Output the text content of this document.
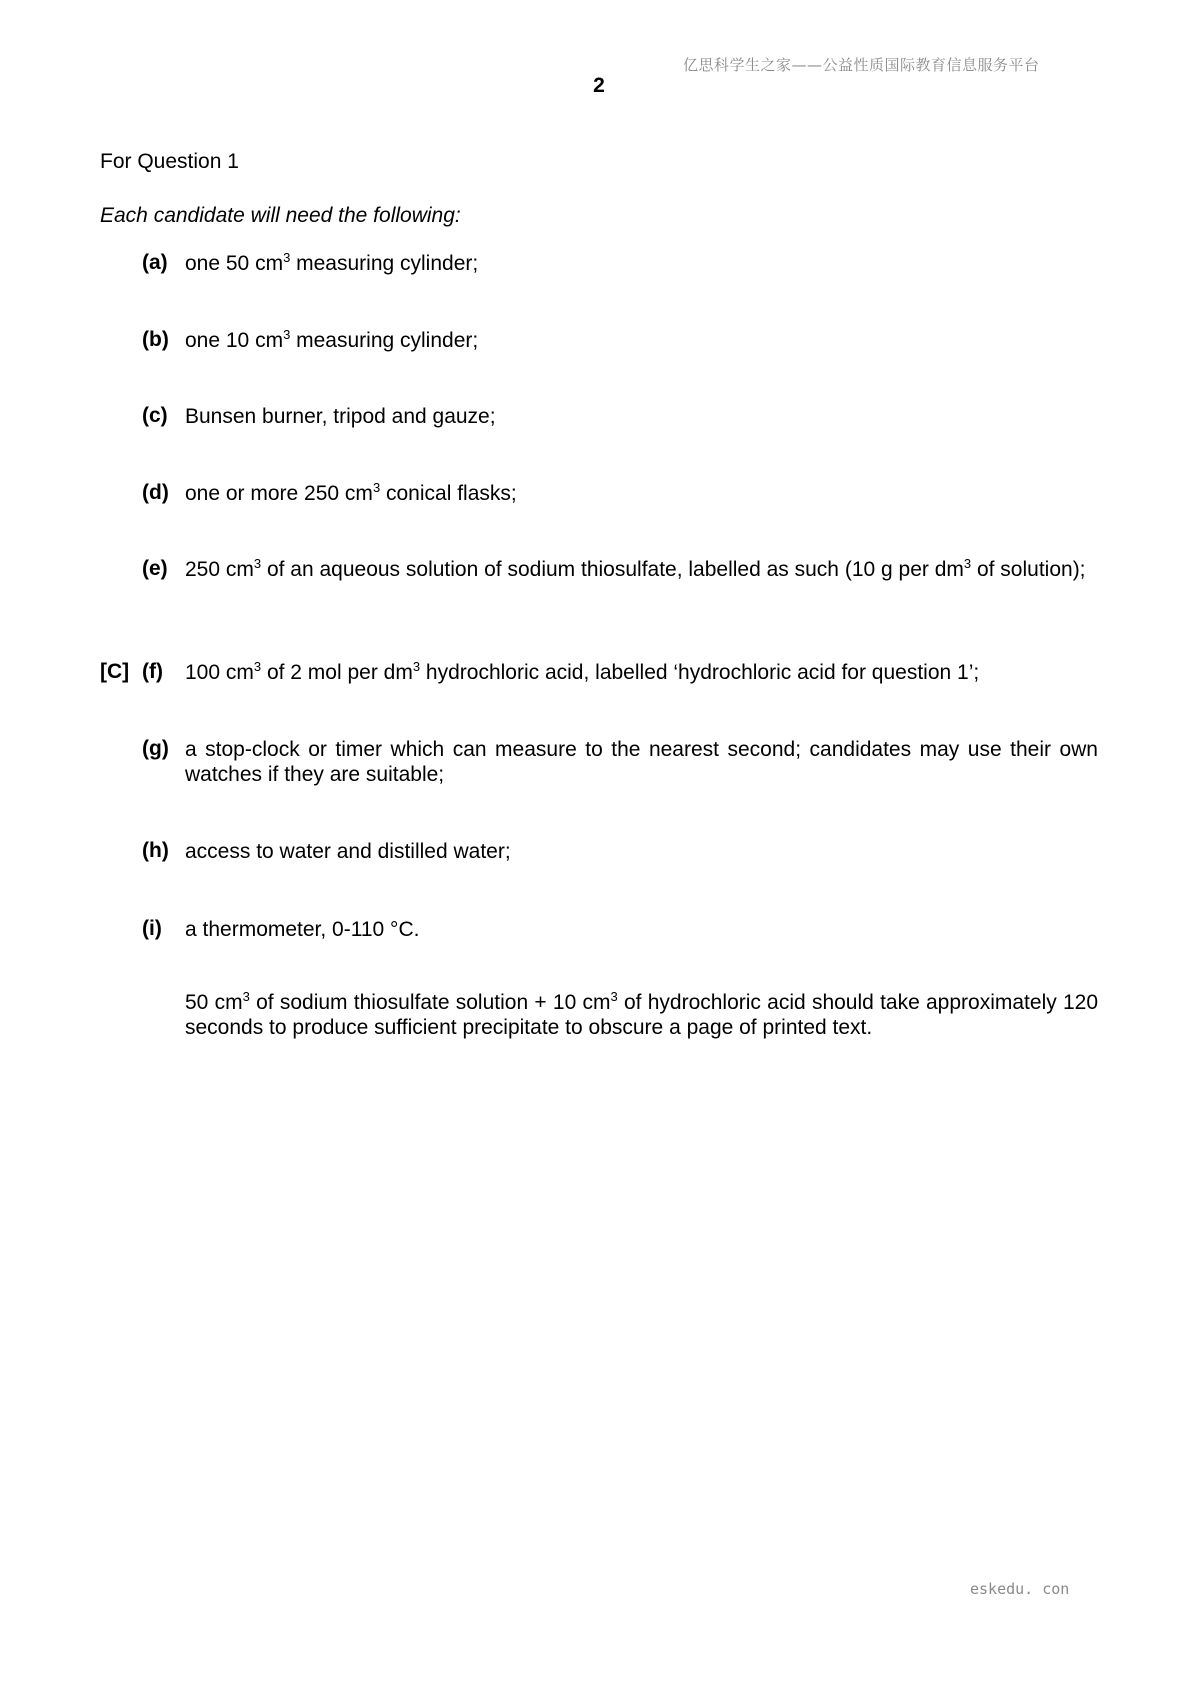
亿思科学生之家——公益性质国际教育信息服务平台
2
For Question 1
Each candidate will need the following:
(a) one 50 $cm^3$ measuring cylinder;
(b) one 10 $cm^3$ measuring cylinder;
(c) Bunsen burner, tripod and gauze;
(d) one or more 250 $cm^3$ conical flasks;
(e) 250 $cm^3$ of an aqueous solution of sodium thiosulfate, labelled as such (10 g per $dm^3$ of solution);
[C] (f) 100 $cm^3$ of 2 mol per $dm^3$ hydrochloric acid, labelled ‘hydrochloric acid for question 1’;
(g) a stop-clock or timer which can measure to the nearest second; candidates may use their own watches if they are suitable;
(h) access to water and distilled water;
(i) a thermometer, 0-110 °C.
50 $cm^3$ of sodium thiosulfate solution + 10 $cm^3$ of hydrochloric acid should take approximately 120 seconds to produce sufficient precipitate to obscure a page of printed text.
eskedu. con
